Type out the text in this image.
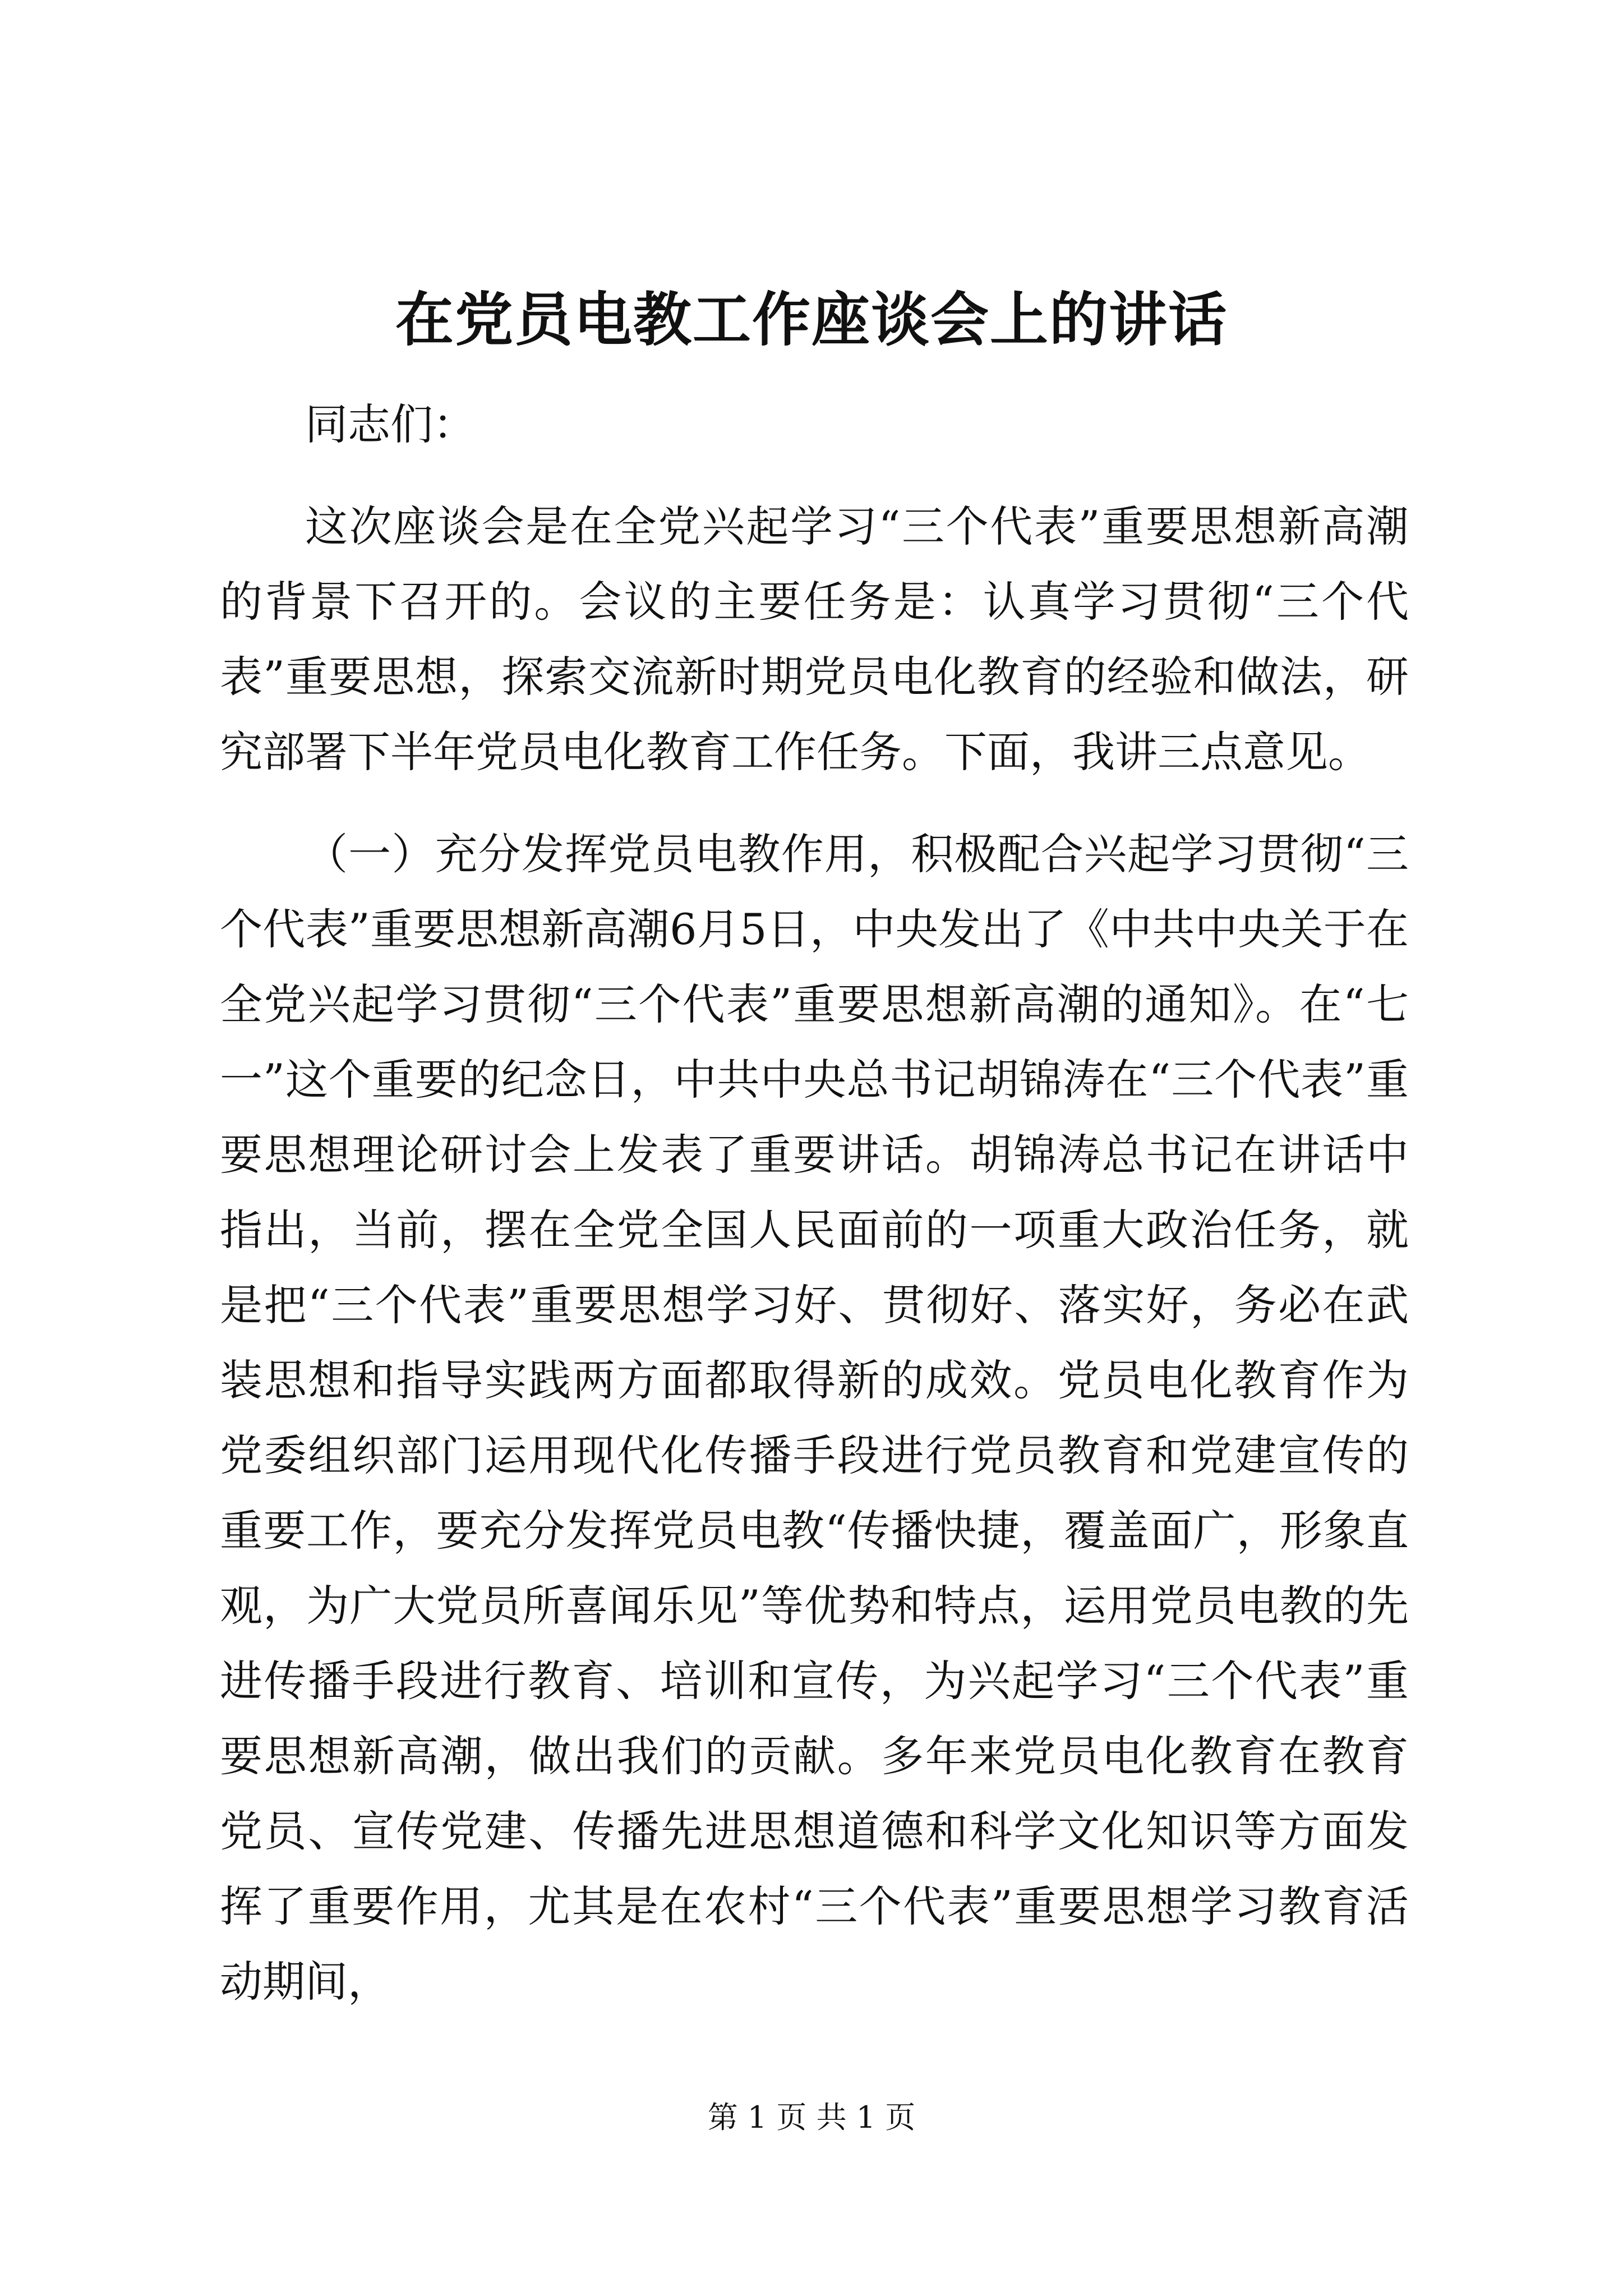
在党员电教工作座谈会上的讲话

同志们：

这次座谈会是在全党兴起学习“三个代表”重要思想新高潮的背景下召开的。会议的主要任务是：认真学习贯彻“三个代表”重要思想，探索交流新时期党员电化教育的经验和做法，研究部署下半年党员电化教育工作任务。下面，我讲三点意见。

（一）充分发挥党员电教作用，积极配合兴起学习贯彻“三个代表”重要思想新高潮6月5日，中央发出了《中共中央关于在全党兴起学习贯彻“三个代表”重要思想新高潮的通知》。在“七一”这个重要的纪念日，中共中央总书记胡锦涛在“三个代表”重要思想理论研讨会上发表了重要讲话。胡锦涛总书记在讲话中指出，当前，摆在全党全国人民面前的一项重大政治任务，就是把“三个代表”重要思想学习好、贯彻好、落实好，务必在武装思想和指导实践两方面都取得新的成效。党员电化教育作为党委组织部门运用现代化传播手段进行党员教育和党建宣传的重要工作，要充分发挥党员电教“传播快捷，覆盖面广，形象直观，为广大党员所喜闻乐见”等优势和特点，运用党员电教的先进传播手段进行教育、培训和宣传，为兴起学习“三个代表”重要思想新高潮，做出我们的贡献。多年来党员电化教育在教育党员、宣传党建、传播先进思想道德和科学文化知识等方面发挥了重要作用，尤其是在农村“三个代表”重要思想学习教育活动期间，

第 1 页 共 1 页
